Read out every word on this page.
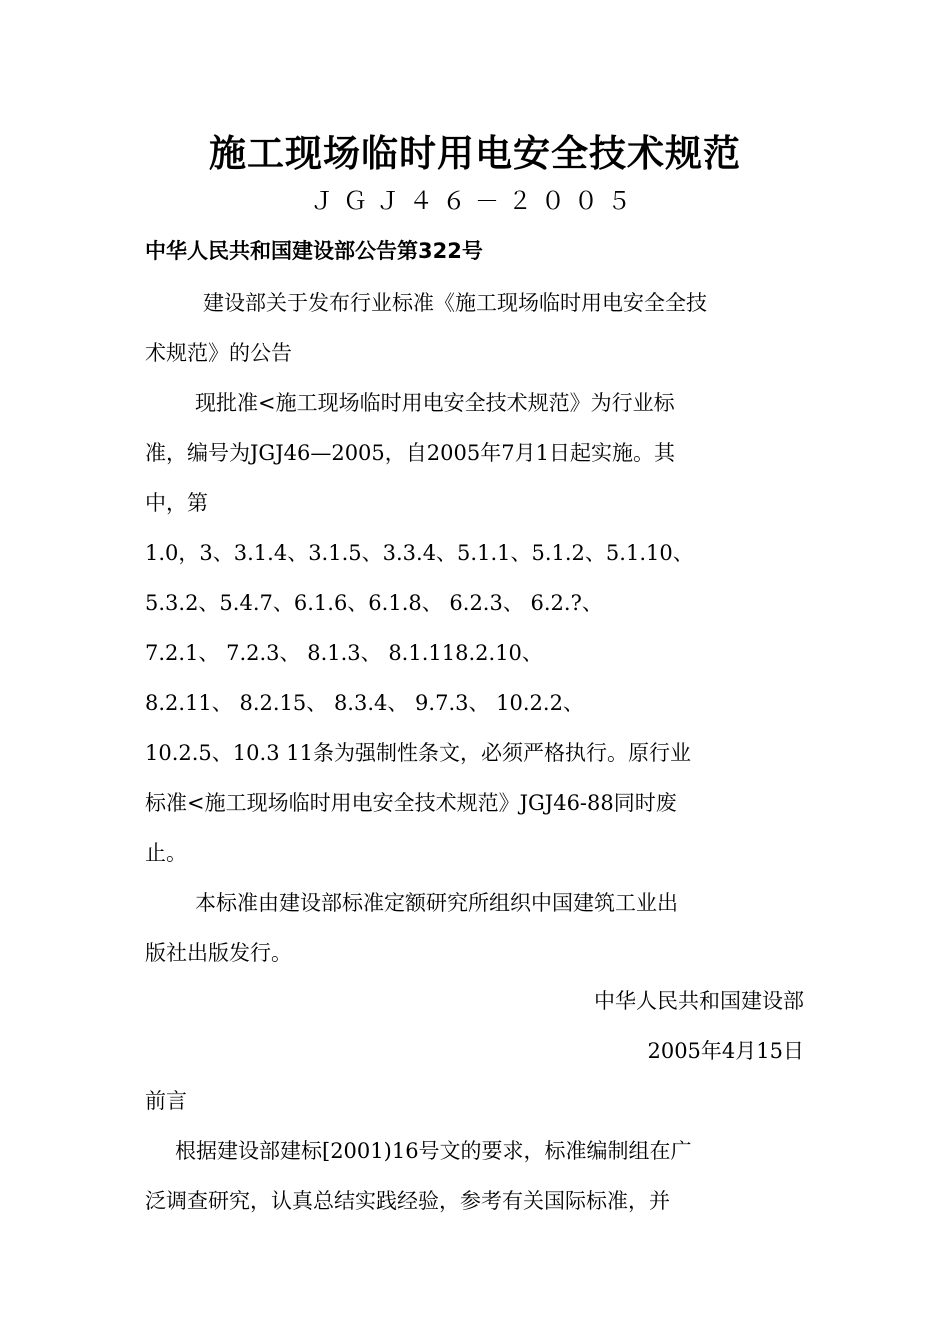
施工现场临时用电安全技术规范
ＪＧＪ４６－２００５
中华人民共和国建设部公告第322号
建设部关于发布行业标准《施工现场临时用电安全全技
术规范》的公告
现批准<施工现场临时用电安全技术规范》为行业标
准，编号为JGJ46—2005，自2005年7月1日起实施。其
中，第
1.0，3、3.1.4、3.1.5、3.3.4、5.1.1、5.1.2、5.1.10、
5.3.2、5.4.7、6.1.6、6.1.8、 6.2.3、 6.2.?、
7.2.1、 7.2.3、 8.1.3、 8.1.118.2.10、
8.2.11、 8.2.15、 8.3.4、 9.7.3、 10.2.2、
10.2.5、10.3 11条为强制性条文，必须严格执行。原行业
标准<施工现场临时用电安全技术规范》JGJ46-88同时废
止。
本标准由建设部标准定额研究所组织中国建筑工业出
版社出版发行。
中华人民共和国建设部
2005年4月15日
前言
根据建设部建标[2001)16号文的要求，标准编制组在广
泛调查研究，认真总结实践经验，参考有关国际标准，并
